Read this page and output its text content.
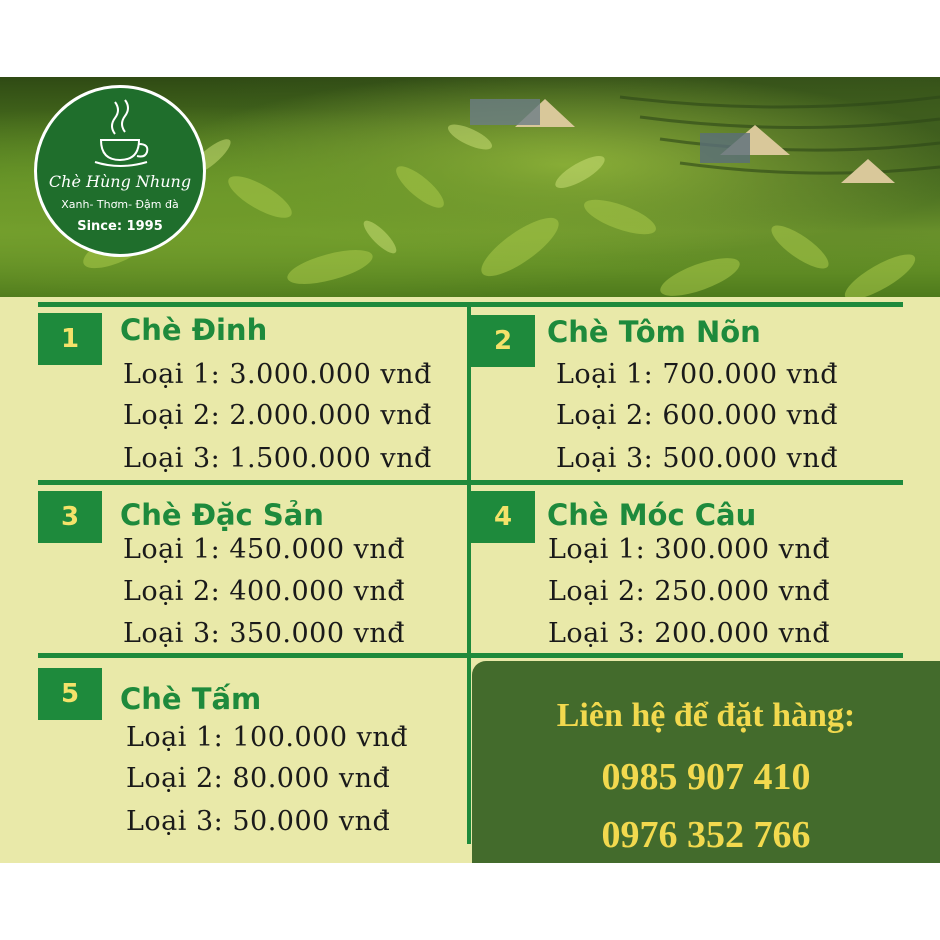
Chè Hùng Nhung
Xanh- Thơm- Đậm đà
Since: 1995
1	Chè Đinh
Loại 1: 3.000.000 vnđ
Loại 2: 2.000.000 vnđ
Loại 3: 1.500.000 vnđ
2	Chè Tôm Nõn
Loại 1: 700.000 vnđ
Loại 2: 600.000 vnđ
Loại 3: 500.000 vnđ
3	Chè Đặc Sản
Loại 1: 450.000 vnđ
Loại 2: 400.000 vnđ
Loại 3: 350.000 vnđ
4	Chè Móc Câu
Loại 1: 300.000 vnđ
Loại 2: 250.000 vnđ
Loại 3: 200.000 vnđ
5	Chè Tấm
Loại 1: 100.000 vnđ
Loại 2: 80.000 vnđ
Loại 3: 50.000 vnđ
Liên hệ để đặt hàng:
0985 907 410
0976 352 766
